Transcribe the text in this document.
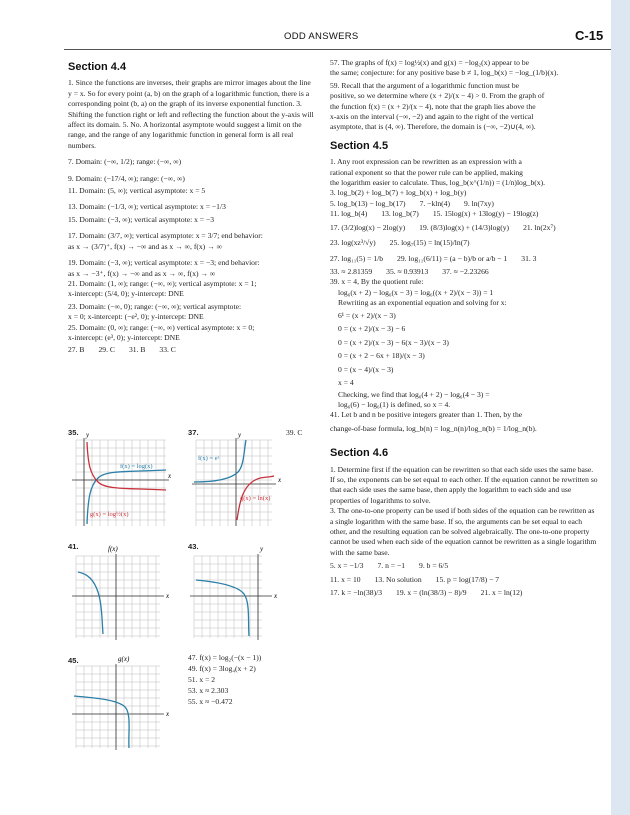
ODD ANSWERS	C-15
Section 4.4

1. Since the functions are inverses, their graphs are mirror images about the line y = x. So for every point (a, b) on the graph of a logarithmic function, there is a corresponding point (b, a) on the graph of its inverse exponential function. 3. Shifting the function right or left and reflecting the function about the y-axis will affect its domain. 5. No. A horizontal asymptote would suggest a limit on the range, and the range of any logarithmic function in general form is all real numbers.

7. Domain: (−∞, 1/2); range: (−∞, ∞)

9. Domain: (−17/4, ∞); range: (−∞, ∞)

11. Domain: (5, ∞); vertical asymptote: x = 5

13. Domain: (−1/3, ∞); vertical asymptote: x = −1/3

15. Domain: (−3, ∞); vertical asymptote: x = −3

17. Domain: (3/7, ∞); vertical asymptote: x = 3/7; end behavior:

as x → (3/7)⁺, f(x) → −∞ and as x → ∞, f(x) → ∞

19. Domain: (−3, ∞); vertical asymptote: x = −3; end behavior:

as x → −3⁺, f(x) → −∞ and as x → ∞, f(x) → ∞

21. Domain: (1, ∞); range: (−∞, ∞); vertical asymptote: x = 1;

x-intercept: (5/4, 0); y-intercept: DNE

23. Domain: (−∞, 0); range: (−∞, ∞); vertical asymptote:

x = 0; x-intercept: (−e², 0); y-intercept: DNE

25. Domain: (0, ∞); range: (−∞, ∞) vertical asymptote: x = 0;

x-intercept: (e³, 0); y-intercept: DNE

27. B 29. C 31. B 33. C
35. y
x
f(x) = log(x)
g(x) = log½(x)
37.	y
x
f(x) = eˣ
g(x) = ln(x)
39. C
41.	f(x)
x
43.	y
x
45.	g(x)
x

47. f(x) = log₂(−(x − 1))

49. f(x) = 3log₄(x + 2)

51. x = 2

53. x ≈ 2.303

55. x ≈ −0.472

57. The graphs of f(x) = log½(x) and g(x) = −log₂(x) appear to be

the same; conjecture: for any positive base b ≠ 1, log_b(x) = −log_(1/b)(x).

59. Recall that the argument of a logarithmic function must be

positive, so we determine where (x + 2)/(x − 4) > 0. From the graph of

the function f(x) = (x + 2)/(x − 4), note that the graph lies above the

x-axis on the interval (−∞, −2) and again to the right of the vertical

asymptote, that is (4, ∞). Therefore, the domain is (−∞, −2)∪(4, ∞).

Section 4.5

1. Any root expression can be rewritten as an expression with a

rational exponent so that the power rule can be applied, making

the logarithm easier to calculate. Thus, log_b(x^(1/n)) = (1/n)log_b(x).

3. log_b(2) + log_b(7) + log_b(x) + log_b(y)

5. log_b(13) − log_b(17) 7. −kln(4) 9. ln(7xy)
11. log_b(4) 13. log_b(7) 15. 15log(x) + 13log(y) − 19log(z)
17. (3/2)log(x) − 2log(y) 19. (8/3)log(x) + (14/3)log(y) 21. ln(2x⁷)
23. log(xz³/√y) 25. log₇(15) = ln(15)/ln(7)
27. log₁₁(5) = 1/b 29. log₁₁(6/11) = (a − b)/b or a/b − 1 31. 3
33. ≈ 2.81359 35. ≈ 0.93913 37. ≈ −2.23266

39. x = 4, By the quotient rule:

log₆(x + 2) − log₆(x − 3) = log₆((x + 2)/(x − 3)) = 1

Rewriting as an exponential equation and solving for x:

6¹ = (x + 2)/(x − 3)

0 = (x + 2)/(x − 3) − 6

0 = (x + 2)/(x − 3) − 6(x − 3)/(x − 3)

0 = (x + 2 − 6x + 18)/(x − 3)

0 = (x − 4)/(x − 3)

x = 4

Checking, we find that log₆(4 + 2) − log₆(4 − 3) =

log₆(6) − log₆(1) is defined, so x = 4.

41. Let b and n be positive integers greater than 1. Then, by the

change-of-base formula, log_b(n) = log_n(n)/log_n(b) = 1/log_n(b).

Section 4.6

1. Determine first if the equation can be rewritten so that each side uses the same base. If so, the exponents can be set equal to each other. If the equation cannot be rewritten so that each side uses the same base, then apply the logarithm to each side and use properties of logarithms to solve.

3. The one-to-one property can be used if both sides of the equation can be rewritten as a single logarithm with the same base. If so, the arguments can be set equal to each other, and the resulting equation can be solved algebraically. The one-to-one property cannot be used when each side of the equation cannot be rewritten as a single logarithm with the same base.

5. x = −1/3 7. n = −1 9. b = 6/5
11. x = 10 13. No solution 15. p = log(17/8) − 7
17. k = −ln(38)/3 19. x = (ln(38/3) − 8)/9 21. x = ln(12)
